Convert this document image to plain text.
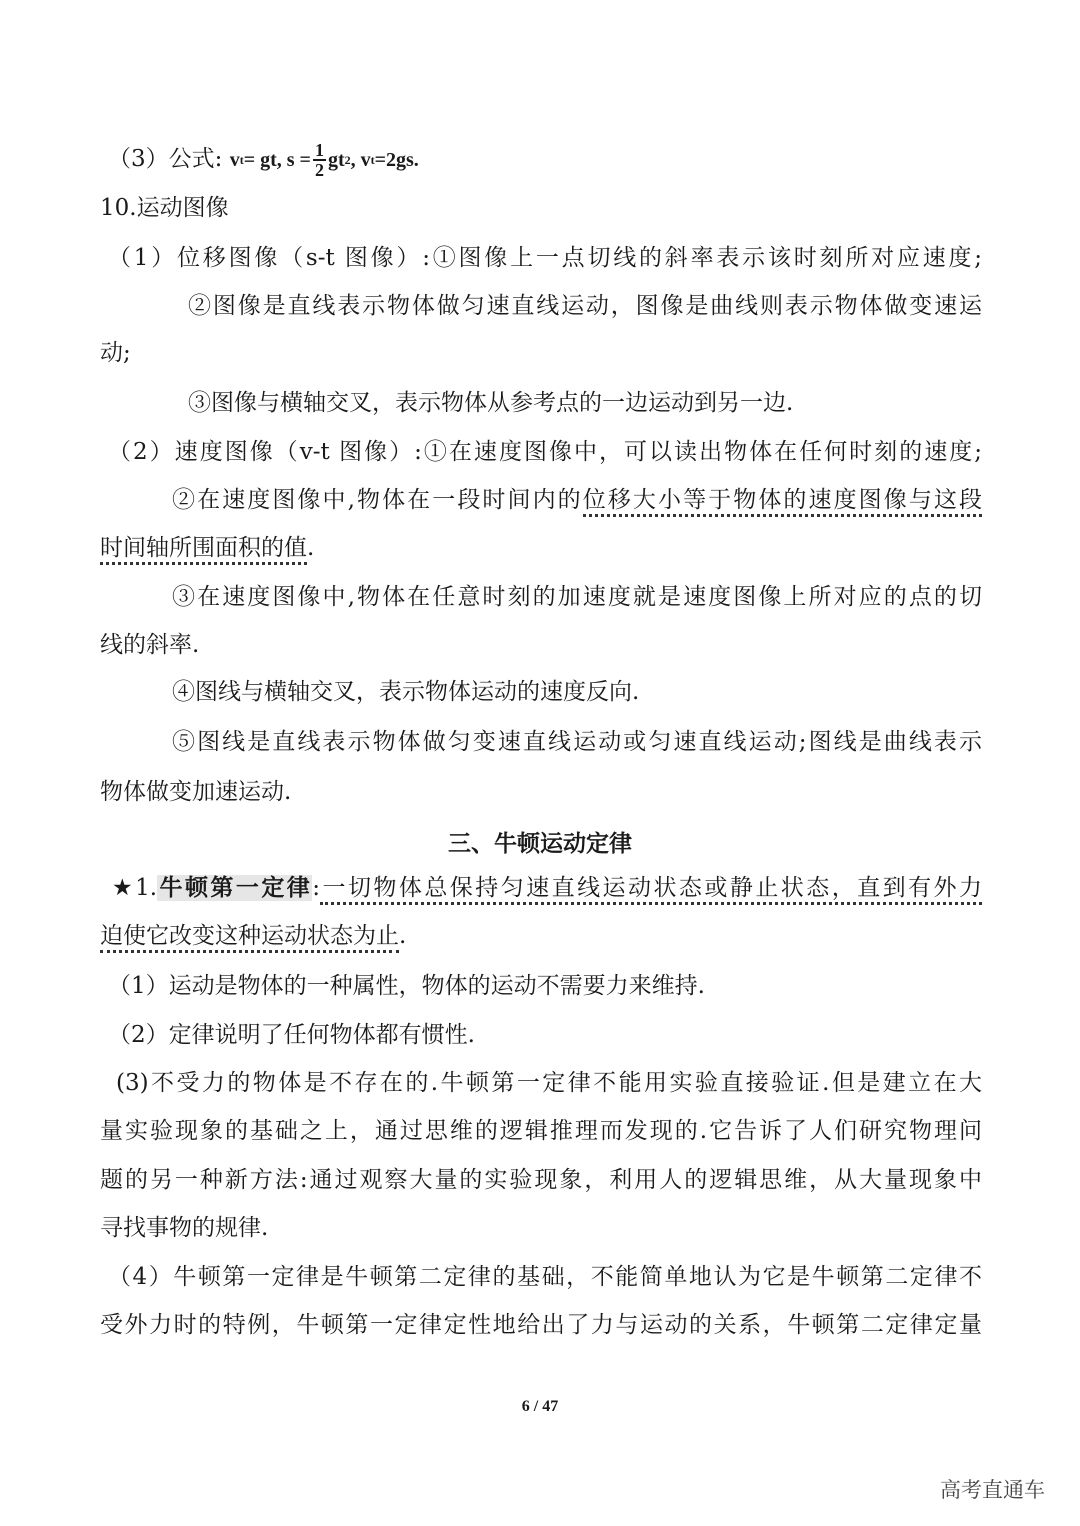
（3）公式: v t = gt, $s = \frac{1}{2}$ gt 2 , v t =2gs.
10.运动图像
（1）位移图像（s-t 图像）:①图像上一点切线的斜率表示该时刻所对应速度;
②图像是直线表示物体做匀速直线运动，图像是曲线则表示物体做变速运
动;
③图像与横轴交叉，表示物体从参考点的一边运动到另一边.
（2）速度图像（v-t 图像）:①在速度图像中，可以读出物体在任何时刻的速度;
②在速度图像中,物体在一段时间内的位移大小等于物体的速度图像与这段
时间轴所围面积的值.
③在速度图像中,物体在任意时刻的加速度就是速度图像上所对应的点的切
线的斜率.
④图线与横轴交叉，表示物体运动的速度反向.
⑤图线是直线表示物体做匀变速直线运动或匀速直线运动;图线是曲线表示
物体做变加速运动.
三、牛顿运动定律
★1.牛顿第一定律:一切物体总保持匀速直线运动状态或静止状态，直到有外力
迫使它改变这种运动状态为止.
（1）运动是物体的一种属性，物体的运动不需要力来维持.
（2）定律说明了任何物体都有惯性.
(3)不受力的物体是不存在的.牛顿第一定律不能用实验直接验证.但是建立在大
量实验现象的基础之上，通过思维的逻辑推理而发现的.它告诉了人们研究物理问
题的另一种新方法:通过观察大量的实验现象，利用人的逻辑思维，从大量现象中
寻找事物的规律.
（4）牛顿第一定律是牛顿第二定律的基础，不能简单地认为它是牛顿第二定律不
受外力时的特例，牛顿第一定律定性地给出了力与运动的关系，牛顿第二定律定量
6 / 47
高考直通车
